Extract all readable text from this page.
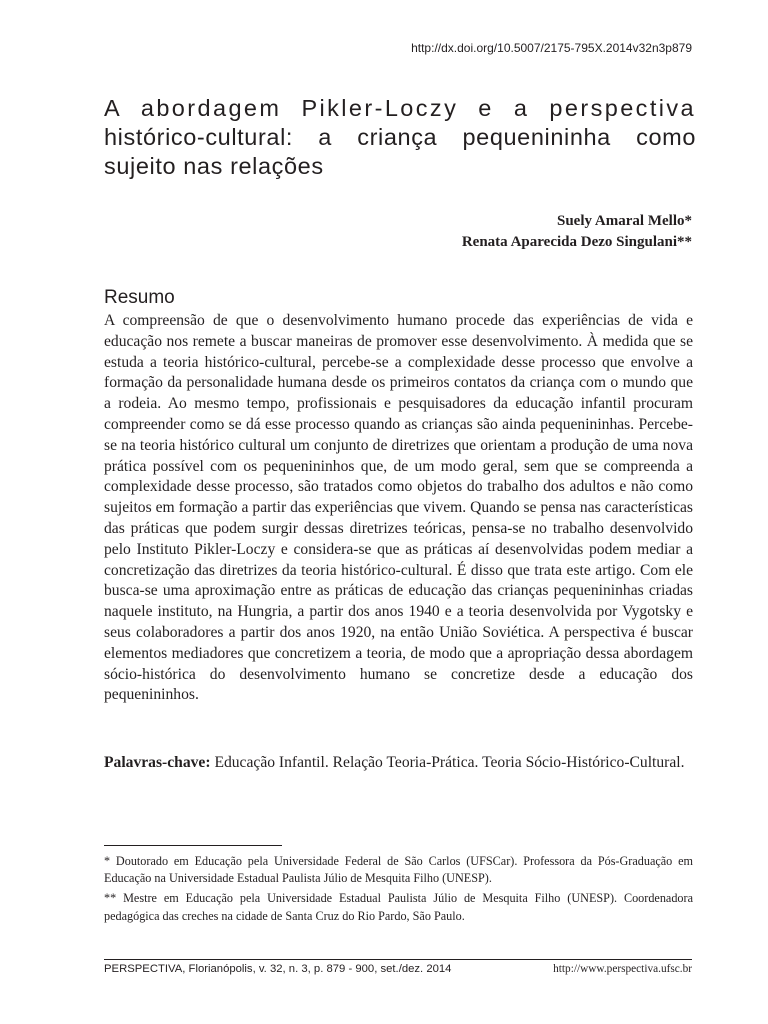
http://dx.doi.org/10.5007/2175-795X.2014v32n3p879
A abordagem Pikler-Loczy e a perspectiva histórico-cultural: a criança pequenininha como sujeito nas relações
Suely Amaral Mello*
Renata Aparecida Dezo Singulani**
Resumo

A compreensão de que o desenvolvimento humano procede das experiências de vida e educação nos remete a buscar maneiras de promover esse desenvolvimento. À medida que se estuda a teoria histórico-cultural, percebe-se a complexidade desse processo que envolve a formação da personalidade humana desde os primeiros contatos da criança com o mundo que a rodeia. Ao mesmo tempo, profissionais e pesquisadores da educação infantil procuram compreender como se dá esse processo quando as crianças são ainda pequenininhas. Percebe-se na teoria histórico cultural um conjunto de diretrizes que orientam a produção de uma nova prática possível com os pequenininhos que, de um modo geral, sem que se compreenda a complexidade desse processo, são tratados como objetos do trabalho dos adultos e não como sujeitos em formação a partir das experiências que vivem. Quando se pensa nas características das práticas que podem surgir dessas diretrizes teóricas, pensa-se no trabalho desenvolvido pelo Instituto Pikler-Loczy e considera-se que as práticas aí desenvolvidas podem mediar a concretização das diretrizes da teoria histórico-cultural. É disso que trata este artigo. Com ele busca-se uma aproximação entre as práticas de educação das crianças pequenininhas criadas naquele instituto, na Hungria, a partir dos anos 1940 e a teoria desenvolvida por Vygotsky e seus colaboradores a partir dos anos 1920, na então União Soviética. A perspectiva é buscar elementos mediadores que concretizem a teoria, de modo que a apropriação dessa abordagem sócio-histórica do desenvolvimento humano se concretize desde a educação dos pequenininhos.

Palavras-chave: Educação Infantil. Relação Teoria-Prática. Teoria Sócio-Histórico-Cultural.

* Doutorado em Educação pela Universidade Federal de São Carlos (UFSCar). Professora da Pós-Graduação em Educação na Universidade Estadual Paulista Júlio de Mesquita Filho (UNESP).

** Mestre em Educação pela Universidade Estadual Paulista Júlio de Mesquita Filho (UNESP). Coordenadora pedagógica das creches na cidade de Santa Cruz do Rio Pardo, São Paulo.

PERSPECTIVA, Florianópolis, v. 32, n. 3, p. 879 - 900, set./dez. 2014	http://www.perspectiva.ufsc.br
